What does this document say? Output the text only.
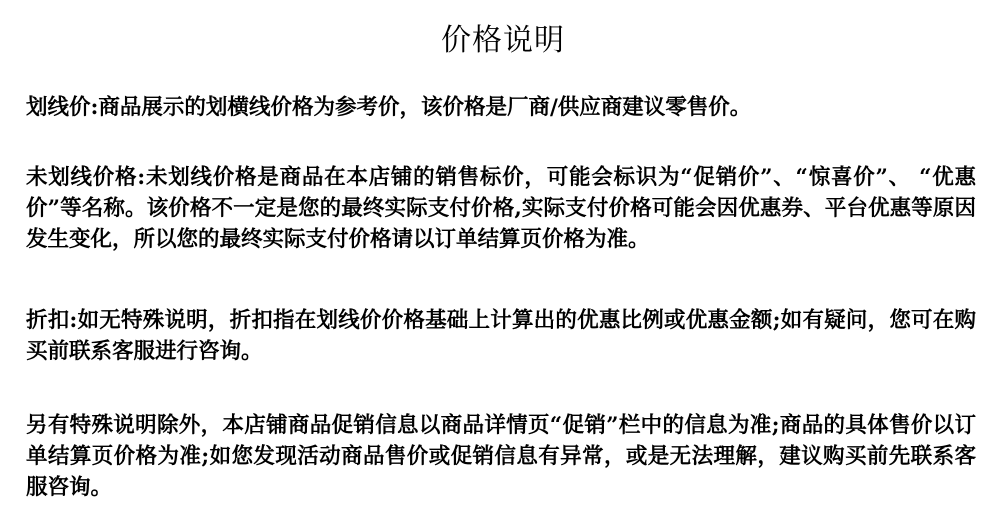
价格说明

划线价:商品展示的划横线价格为参考价，该价格是厂商/供应商建议零售价。

未划线价格:未划线价格是商品在本店铺的销售标价，可能会标识为“促销价”、“惊喜价”、 “优惠价”等名称。该价格不一定是您的最终实际支付价格,实际支付价格可能会因优惠券、平台优惠等原因发生变化，所以您的最终实际支付价格请以订单结算页价格为准。

折扣:如无特殊说明，折扣指在划线价价格基础上计算出的优惠比例或优惠金额;如有疑问，您可在购买前联系客服进行咨询。

另有特殊说明除外，本店铺商品促销信息以商品详情页“促销”栏中的信息为准;商品的具体售价以订单结算页价格为准;如您发现活动商品售价或促销信息有异常，或是无法理解，建议购买前先联系客服咨询。
